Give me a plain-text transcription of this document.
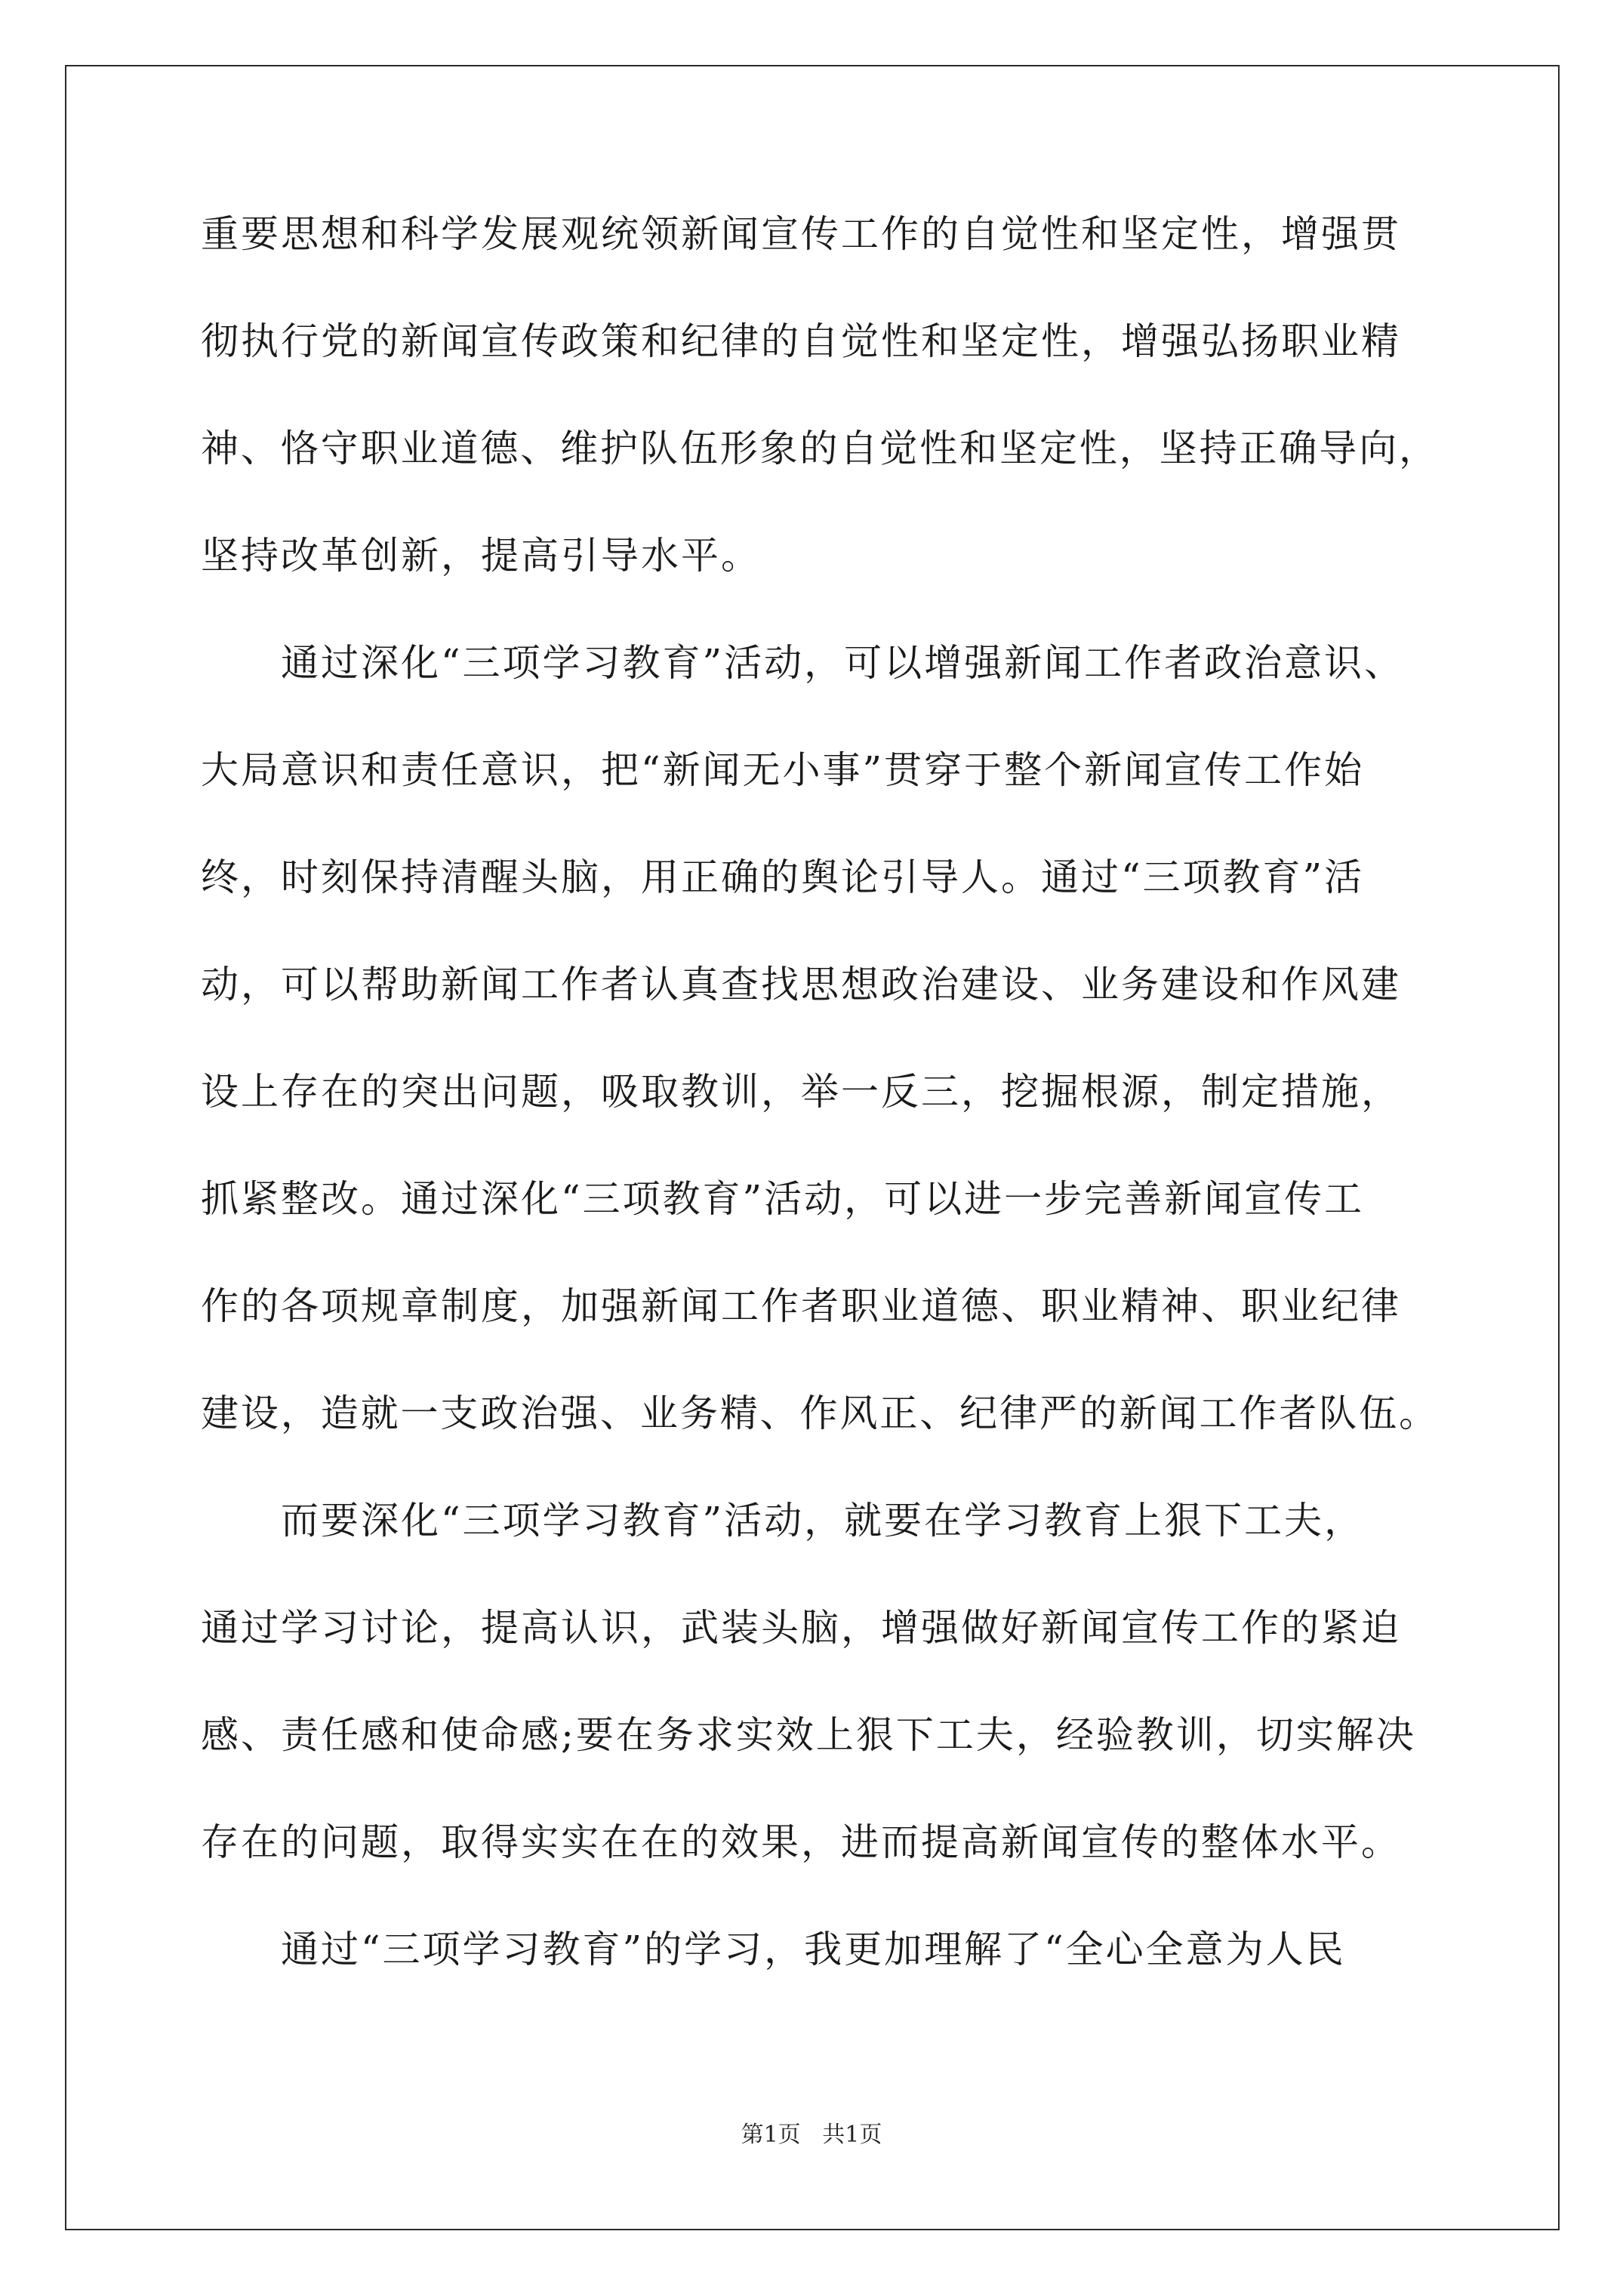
重要思想和科学发展观统领新闻宣传工作的自觉性和坚定性，增强贯
彻执行党的新闻宣传政策和纪律的自觉性和坚定性，增强弘扬职业精
神、恪守职业道德、维护队伍形象的自觉性和坚定性，坚持正确导向，
坚持改革创新，提高引导水平。
通过深化“三项学习教育”活动，可以增强新闻工作者政治意识、
大局意识和责任意识，把“新闻无小事”贯穿于整个新闻宣传工作始
终，时刻保持清醒头脑，用正确的舆论引导人。通过“三项教育”活
动，可以帮助新闻工作者认真查找思想政治建设、业务建设和作风建
设上存在的突出问题，吸取教训，举一反三，挖掘根源，制定措施，
抓紧整改。通过深化“三项教育”活动，可以进一步完善新闻宣传工
作的各项规章制度，加强新闻工作者职业道德、职业精神、职业纪律
建设，造就一支政治强、业务精、作风正、纪律严的新闻工作者队伍。
而要深化“三项学习教育”活动，就要在学习教育上狠下工夫，
通过学习讨论，提高认识，武装头脑，增强做好新闻宣传工作的紧迫
感、责任感和使命感;要在务求实效上狠下工夫，经验教训，切实解决
存在的问题，取得实实在在的效果，进而提高新闻宣传的整体水平。
通过“三项学习教育”的学习，我更加理解了“全心全意为人民
第1页   共1页
